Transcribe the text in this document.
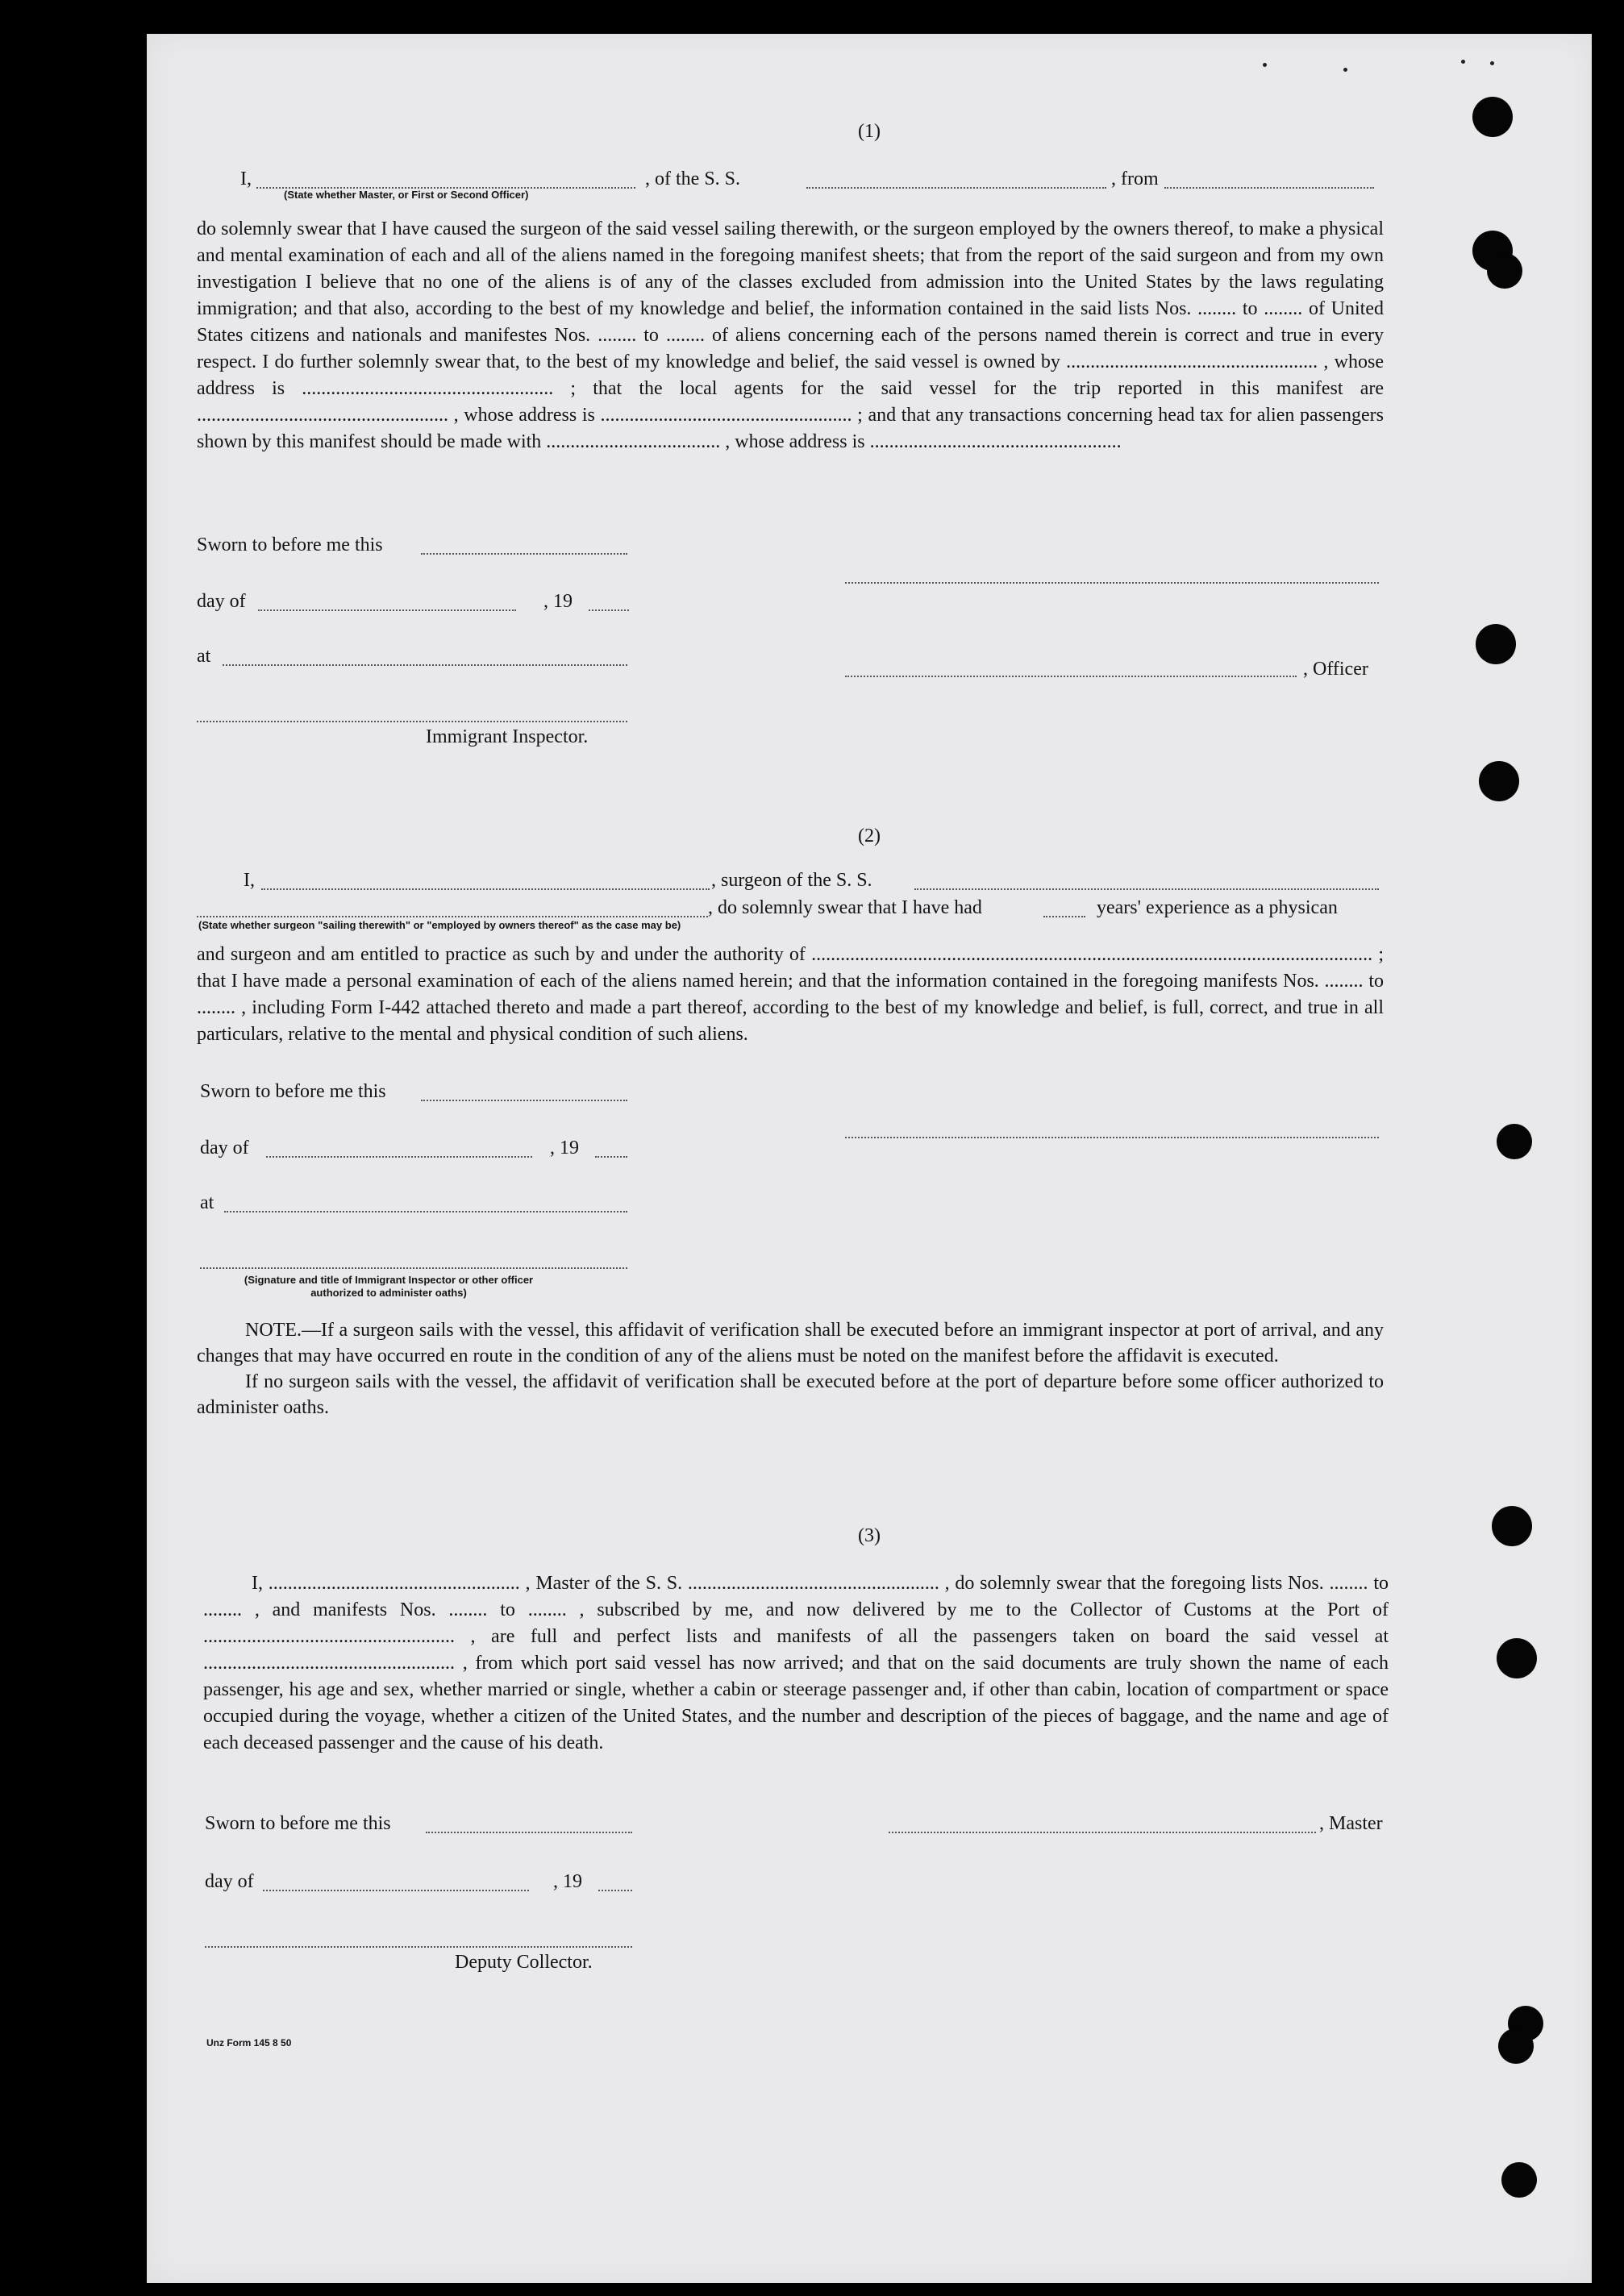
(1)
I,	, of the S. S.	, from
(State whether Master, or First or Second Officer)

do solemnly swear that I have caused the surgeon of the said vessel sailing therewith, or the surgeon employed by the owners thereof, to make a physical and mental examination of each and all of the aliens named in the foregoing manifest sheets; that from the report of the said surgeon and from my own investigation I believe that no one of the aliens is of any of the classes excluded from admission into the United States by the laws regulating immigration; and that also, according to the best of my knowledge and belief, the information contained in the said lists Nos. ........ to ........ of United States citizens and nationals and manifestes Nos. ........ to ........ of aliens concerning each of the persons named therein is correct and true in every respect. I do further solemnly swear that, to the best of my knowledge and belief, the said vessel is owned by .................................................... , whose address is .................................................... ; that the local agents for the said vessel for the trip reported in this manifest are .................................................... , whose address is .................................................... ; and that any transactions concerning head tax for alien passengers shown by this manifest should be made with .................................... , whose address is ....................................................

Sworn to before me this
day of	, 19
at
, Officer
Immigrant Inspector.
(2)
I,	, surgeon of the S. S.
, do solemnly swear that I have had	years' experience as a physican
(State whether surgeon "sailing therewith" or "employed by owners thereof" as the case may be)

and surgeon and am entitled to practice as such by and under the authority of .................................................................................................................... ; that I have made a personal examination of each of the aliens named herein; and that the information contained in the foregoing manifests Nos. ........ to ........ , including Form I-442 attached thereto and made a part thereof, according to the best of my knowledge and belief, is full, correct, and true in all particulars, relative to the mental and physical condition of such aliens.

Sworn to before me this
day of	, 19
at
(Signature and title of Immigrant Inspector or other officer authorized to administer oaths)

NOTE.—If a surgeon sails with the vessel, this affidavit of verification shall be executed before an immigrant inspector at port of arrival, and any changes that may have occurred en route in the condition of any of the aliens must be noted on the manifest before the affidavit is executed.

If no surgeon sails with the vessel, the affidavit of verification shall be executed before at the port of departure before some officer authorized to administer oaths.

(3)

I, .................................................... , Master of the S. S. .................................................... , do solemnly swear that the foregoing lists Nos. ........ to ........ , and manifests Nos. ........ to ........ , subscribed by me, and now delivered by me to the Collector of Customs at the Port of .................................................... , are full and perfect lists and manifests of all the passengers taken on board the said vessel at .................................................... , from which port said vessel has now arrived; and that on the said documents are truly shown the name of each passenger, his age and sex, whether married or single, whether a cabin or steerage passenger and, if other than cabin, location of compartment or space occupied during the voyage, whether a citizen of the United States, and the number and description of the pieces of baggage, and the name and age of each deceased passenger and the cause of his death.

Sworn to before me this	, Master
day of	, 19
Deputy Collector.
Unz Form 145 8 50
